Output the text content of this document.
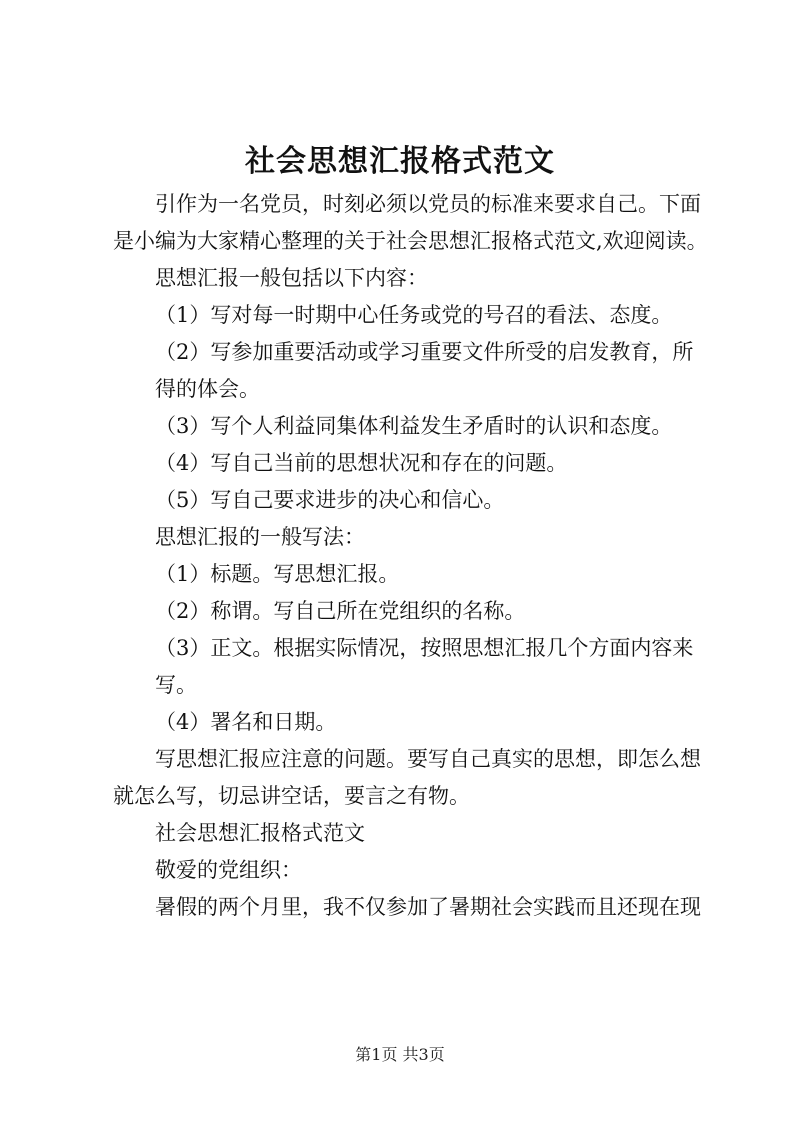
社会思想汇报格式范文

引作为一名党员，时刻必须以党员的标准来要求自己。下面是小编为大家精心整理的关于社会思想汇报格式范文,欢迎阅读。

思想汇报一般包括以下内容：

（1）写对每一时期中心任务或党的号召的看法、态度。

（2）写参加重要活动或学习重要文件所受的启发教育，所得的体会。

（3）写个人利益同集体利益发生矛盾时的认识和态度。

（4）写自己当前的思想状况和存在的问题。

（5）写自己要求进步的决心和信心。

思想汇报的一般写法：

（1）标题。写思想汇报。

（2）称谓。写自己所在党组织的名称。

（3）正文。根据实际情况，按照思想汇报几个方面内容来写。

（4）署名和日期。

写思想汇报应注意的问题。要写自己真实的思想，即怎么想就怎么写，切忌讲空话，要言之有物。

社会思想汇报格式范文

敬爱的党组织：

暑假的两个月里，我不仅参加了暑期社会实践而且还现在现

第1页 共3页
